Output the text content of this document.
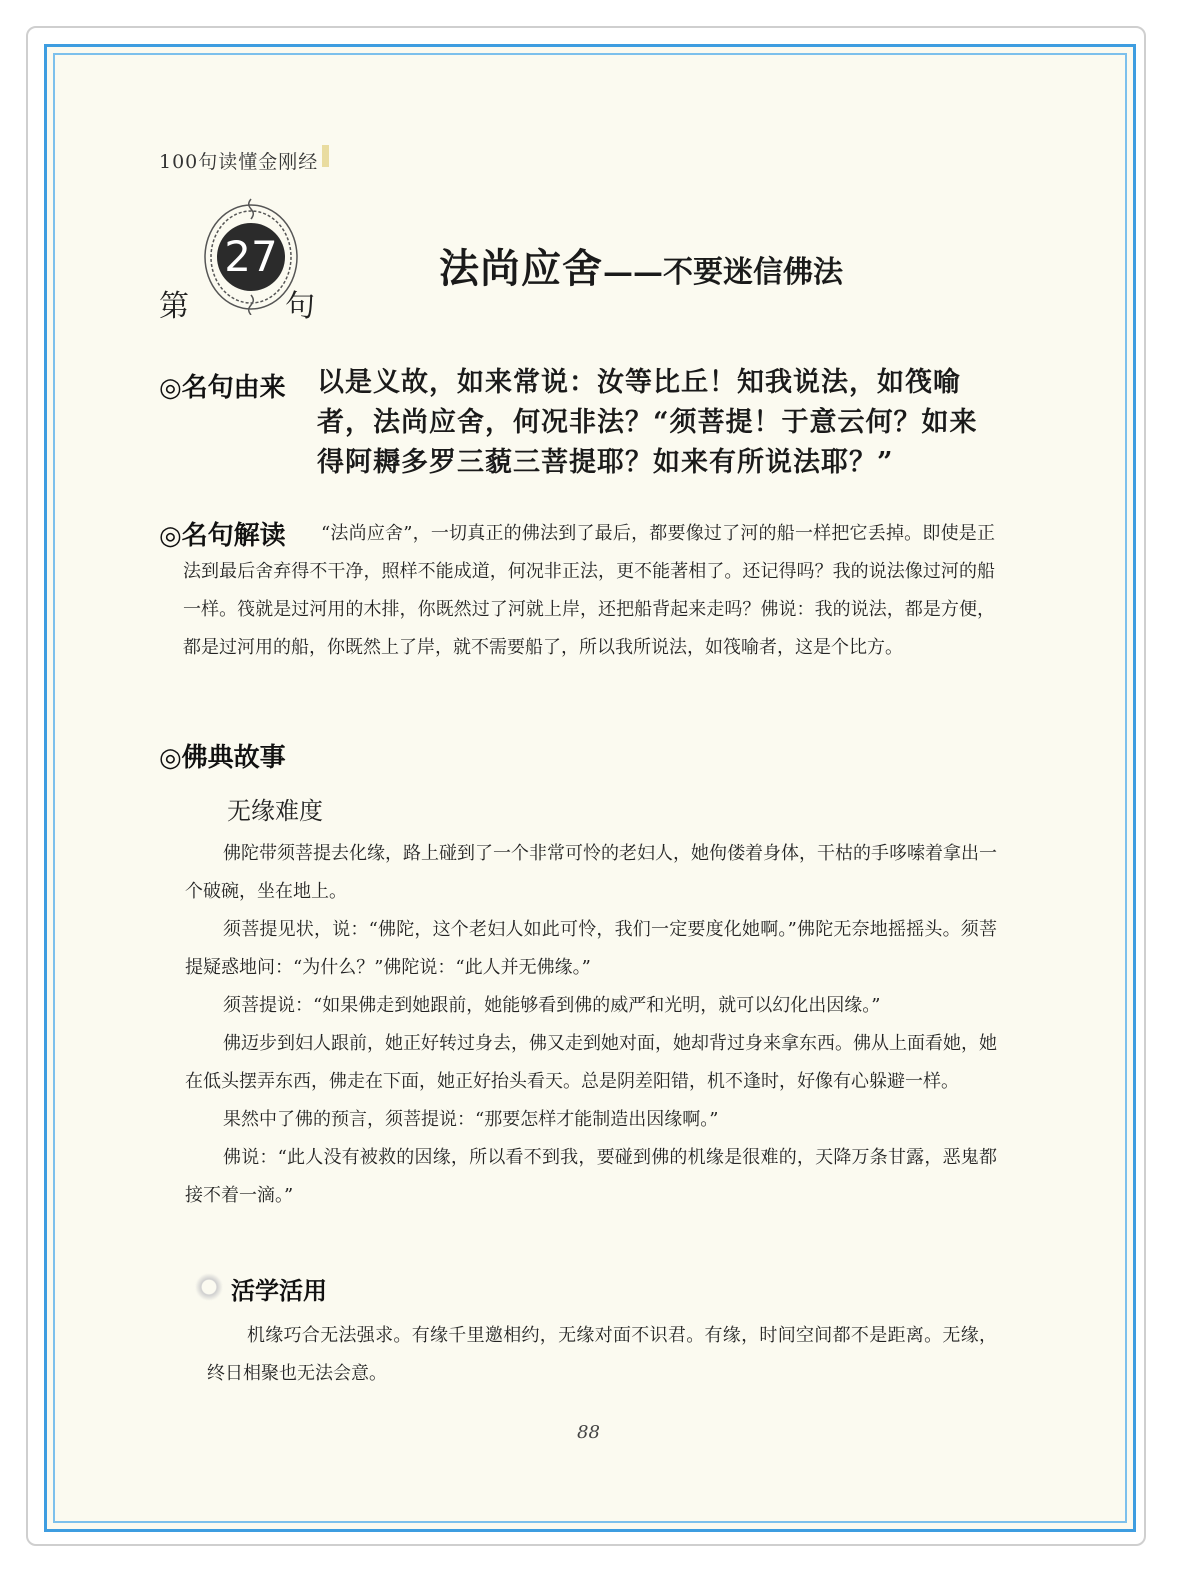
100句读懂金刚经
27
第	句
法尚应舍——不要迷信佛法
◎名句由来 以是义故，如来常说：汝等比丘！知我说法，如筏喻者，法尚应舍，何况非法？“须菩提！于意云何？如来得阿耨多罗三藐三菩提耶？如来有所说法耶？”
◎名句解读	“法尚应舍”，一切真正的佛法到了最后，都要像过了河的船一样把它丢掉。即使是正法到最后舍弃得不干净，照样不能成道，何况非正法，更不能著相了。还记得吗？我的说法像过河的船一样。筏就是过河用的木排，你既然过了河就上岸，还把船背起来走吗？佛说：我的说法，都是方便，都是过河用的船，你既然上了岸，就不需要船了，所以我所说法，如筏喻者，这是个比方。
◎佛典故事
无缘难度

佛陀带须菩提去化缘，路上碰到了一个非常可怜的老妇人，她佝偻着身体，干枯的手哆嗦着拿出一个破碗，坐在地上。

须菩提见状，说：“佛陀，这个老妇人如此可怜，我们一定要度化她啊。”佛陀无奈地摇摇头。须菩提疑惑地问：“为什么？”佛陀说：“此人并无佛缘。”

须菩提说：“如果佛走到她跟前，她能够看到佛的威严和光明，就可以幻化出因缘。”

佛迈步到妇人跟前，她正好转过身去，佛又走到她对面，她却背过身来拿东西。佛从上面看她，她在低头摆弄东西，佛走在下面，她正好抬头看天。总是阴差阳错，机不逢时，好像有心躲避一样。

果然中了佛的预言，须菩提说：“那要怎样才能制造出因缘啊。”

佛说：“此人没有被救的因缘，所以看不到我，要碰到佛的机缘是很难的，天降万条甘露，恶鬼都接不着一滴。”

活学活用
机缘巧合无法强求。有缘千里邀相约，无缘对面不识君。有缘，时间空间都不是距离。无缘，终日相聚也无法会意。
88
